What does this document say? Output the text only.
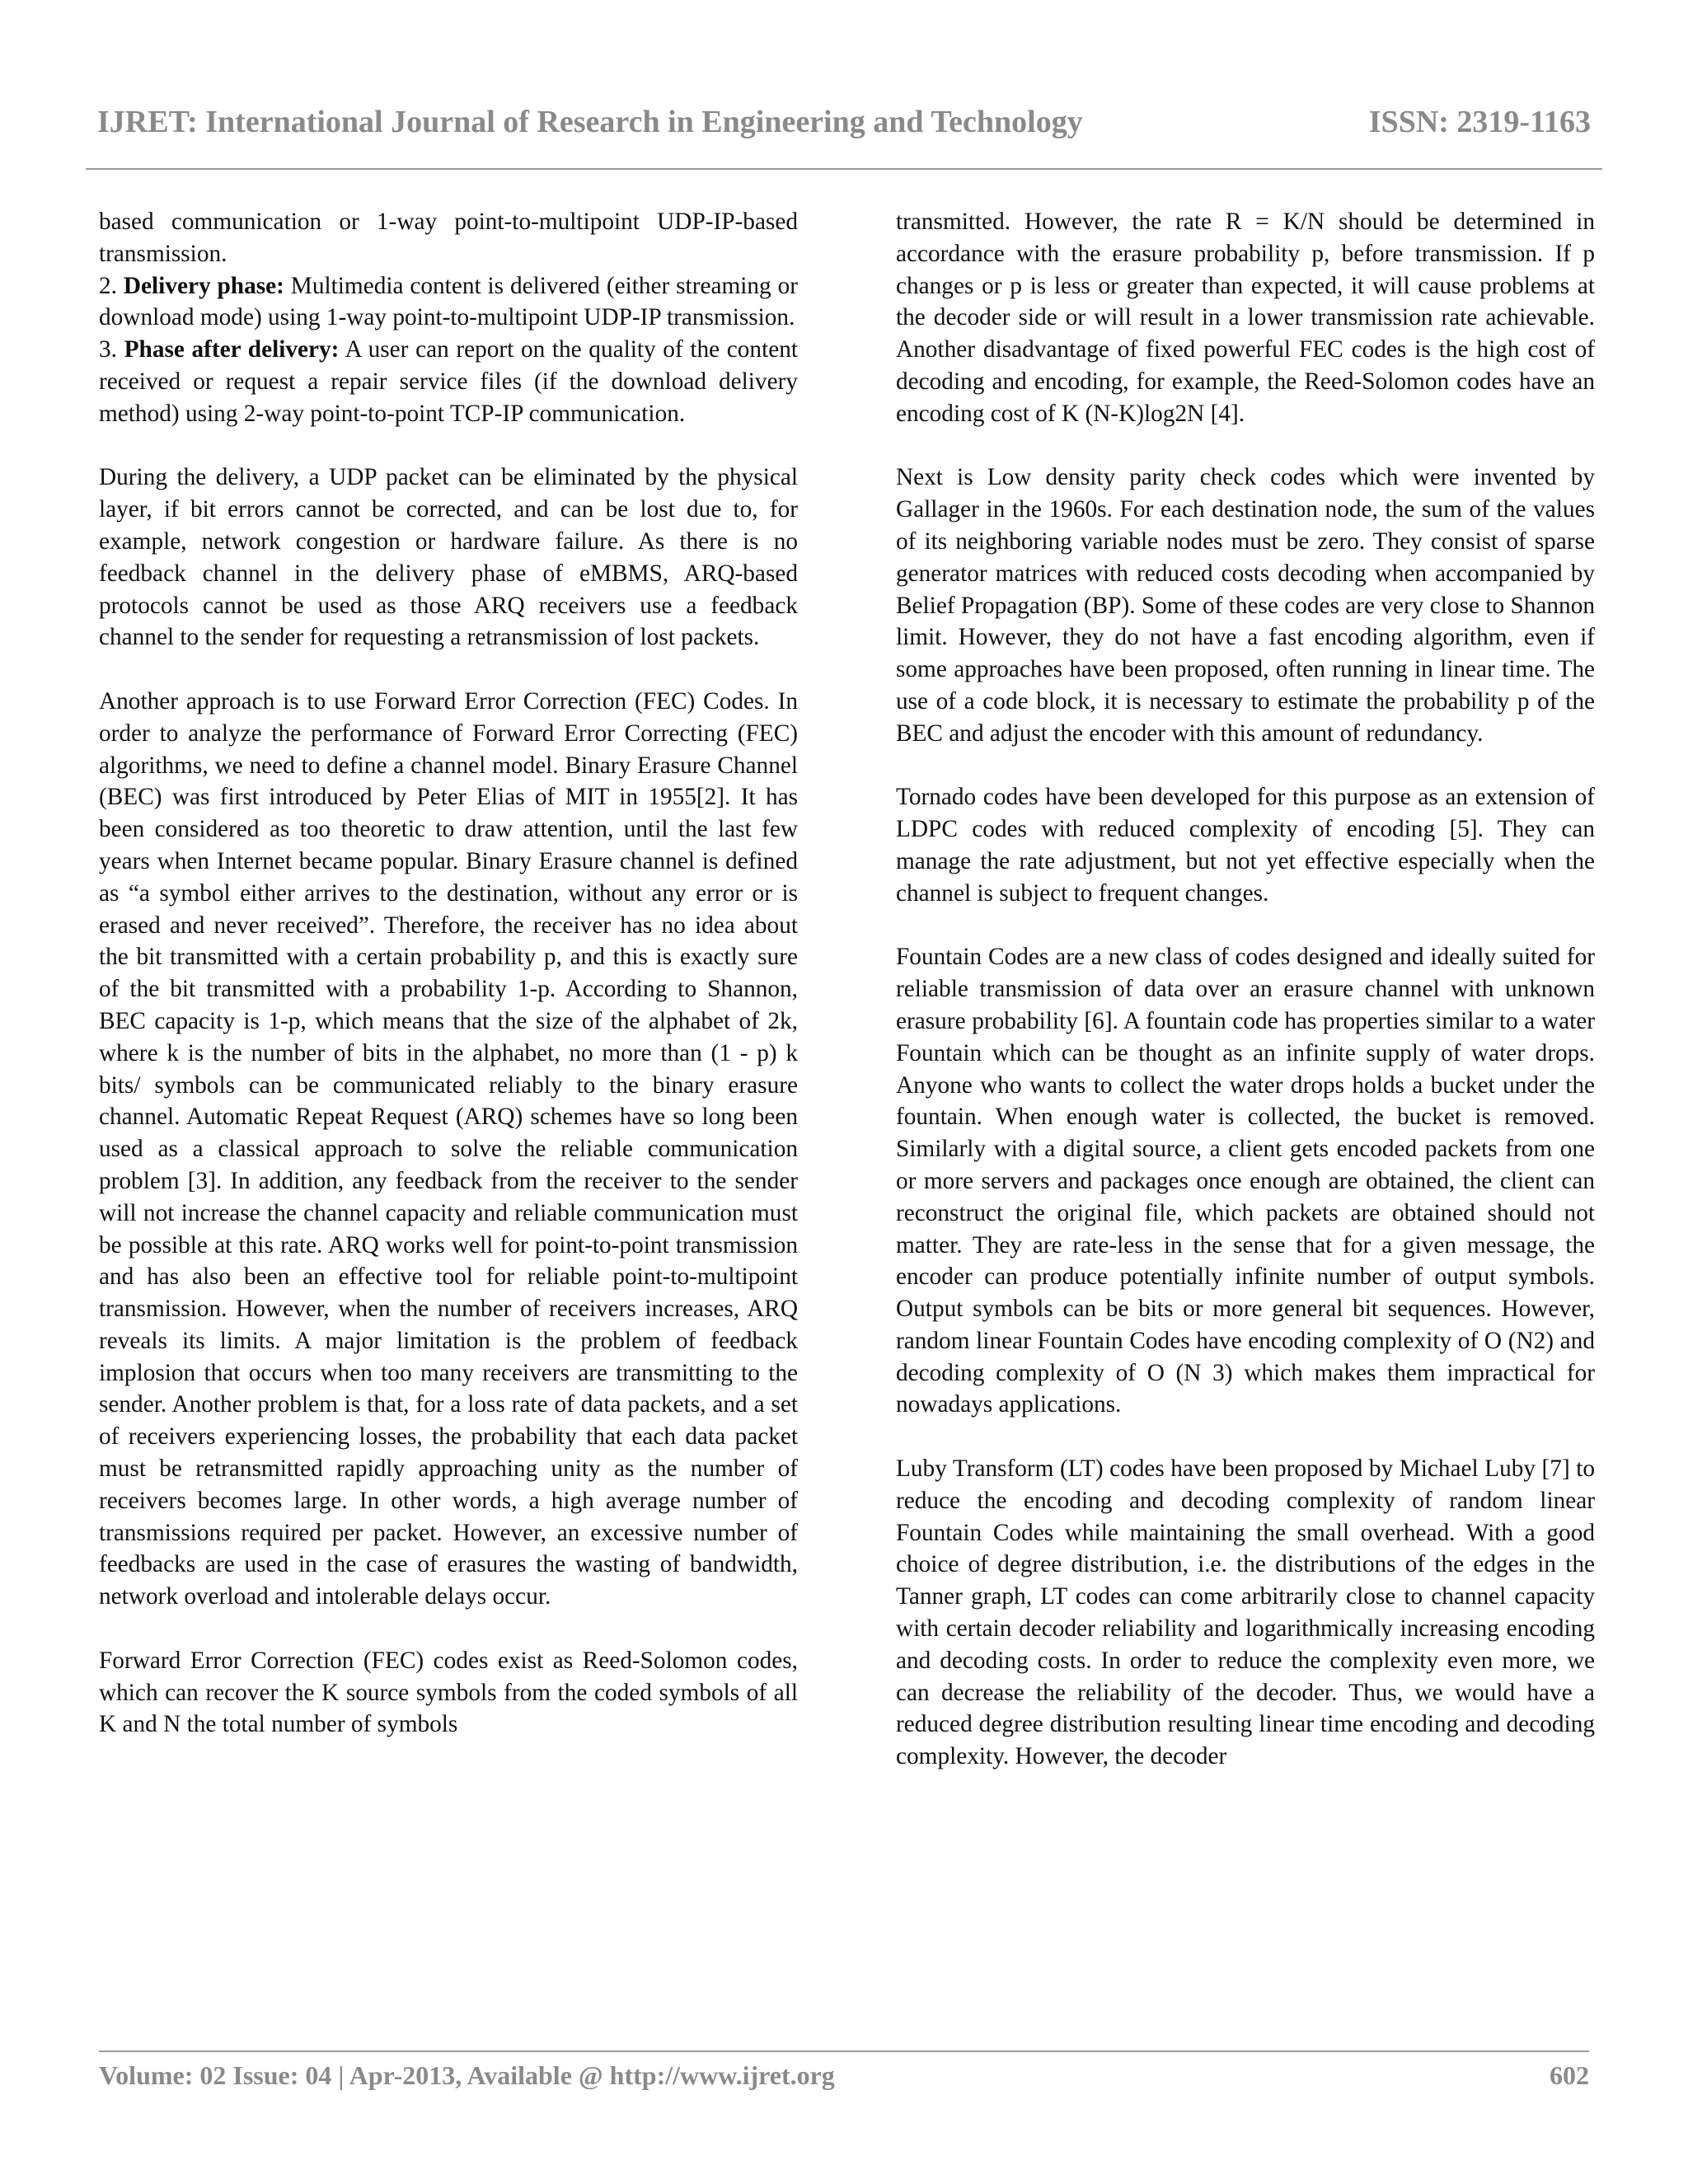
IJRET: International Journal of Research in Engineering and Technology	ISSN: 2319-1163

based communication or 1-way point-to-multipoint UDP-IP-based transmission.

2. Delivery phase: Multimedia content is delivered (either streaming or download mode) using 1-way point-to-multipoint UDP-IP transmission.

3. Phase after delivery: A user can report on the quality of the content received or request a repair service files (if the download delivery method) using 2-way point-to-point TCP-IP communication.

During the delivery, a UDP packet can be eliminated by the physical layer, if bit errors cannot be corrected, and can be lost due to, for example, network congestion or hardware failure. As there is no feedback channel in the delivery phase of eMBMS, ARQ-based protocols cannot be used as those ARQ receivers use a feedback channel to the sender for requesting a retransmission of lost packets.

Another approach is to use Forward Error Correction (FEC) Codes. In order to analyze the performance of Forward Error Correcting (FEC) algorithms, we need to define a channel model. Binary Erasure Channel (BEC) was first introduced by Peter Elias of MIT in 1955[2]. It has been considered as too theoretic to draw attention, until the last few years when Internet became popular. Binary Erasure channel is defined as “a symbol either arrives to the destination, without any error or is erased and never received”. Therefore, the receiver has no idea about the bit transmitted with a certain probability p, and this is exactly sure of the bit transmitted with a probability 1-p. According to Shannon, BEC capacity is 1-p, which means that the size of the alphabet of 2k, where k is the number of bits in the alphabet, no more than (1 - p) k bits/ symbols can be communicated reliably to the binary erasure channel. Automatic Repeat Request (ARQ) schemes have so long been used as a classical approach to solve the reliable communication problem [3]. In addition, any feedback from the receiver to the sender will not increase the channel capacity and reliable communication must be possible at this rate. ARQ works well for point-to-point transmission and has also been an effective tool for reliable point-to-multipoint transmission. However, when the number of receivers increases, ARQ reveals its limits. A major limitation is the problem of feedback implosion that occurs when too many receivers are transmitting to the sender. Another problem is that, for a loss rate of data packets, and a set of receivers experiencing losses, the probability that each data packet must be retransmitted rapidly approaching unity as the number of receivers becomes large. In other words, a high average number of transmissions required per packet. However, an excessive number of feedbacks are used in the case of erasures the wasting of bandwidth, network overload and intolerable delays occur.

Forward Error Correction (FEC) codes exist as Reed-Solomon codes, which can recover the K source symbols from the coded symbols of all K and N the total number of symbols

transmitted. However, the rate R = K/N should be determined in accordance with the erasure probability p, before transmission. If p changes or p is less or greater than expected, it will cause problems at the decoder side or will result in a lower transmission rate achievable. Another disadvantage of fixed powerful FEC codes is the high cost of decoding and encoding, for example, the Reed-Solomon codes have an encoding cost of K (N-K)log2N [4].

Next is Low density parity check codes which were invented by Gallager in the 1960s. For each destination node, the sum of the values of its neighboring variable nodes must be zero. They consist of sparse generator matrices with reduced costs decoding when accompanied by Belief Propagation (BP). Some of these codes are very close to Shannon limit. However, they do not have a fast encoding algorithm, even if some approaches have been proposed, often running in linear time. The use of a code block, it is necessary to estimate the probability p of the BEC and adjust the encoder with this amount of redundancy.

Tornado codes have been developed for this purpose as an extension of LDPC codes with reduced complexity of encoding [5]. They can manage the rate adjustment, but not yet effective especially when the channel is subject to frequent changes.

Fountain Codes are a new class of codes designed and ideally suited for reliable transmission of data over an erasure channel with unknown erasure probability [6]. A fountain code has properties similar to a water Fountain which can be thought as an infinite supply of water drops. Anyone who wants to collect the water drops holds a bucket under the fountain. When enough water is collected, the bucket is removed. Similarly with a digital source, a client gets encoded packets from one or more servers and packages once enough are obtained, the client can reconstruct the original file, which packets are obtained should not matter. They are rate-less in the sense that for a given message, the encoder can produce potentially infinite number of output symbols. Output symbols can be bits or more general bit sequences. However, random linear Fountain Codes have encoding complexity of O (N2) and decoding complexity of O (N 3) which makes them impractical for nowadays applications.

Luby Transform (LT) codes have been proposed by Michael Luby [7] to reduce the encoding and decoding complexity of random linear Fountain Codes while maintaining the small overhead. With a good choice of degree distribution, i.e. the distributions of the edges in the Tanner graph, LT codes can come arbitrarily close to channel capacity with certain decoder reliability and logarithmically increasing encoding and decoding costs. In order to reduce the complexity even more, we can decrease the reliability of the decoder. Thus, we would have a reduced degree distribution resulting linear time encoding and decoding complexity. However, the decoder

Volume: 02 Issue: 04 | Apr-2013, Available @ http://www.ijret.org	602
